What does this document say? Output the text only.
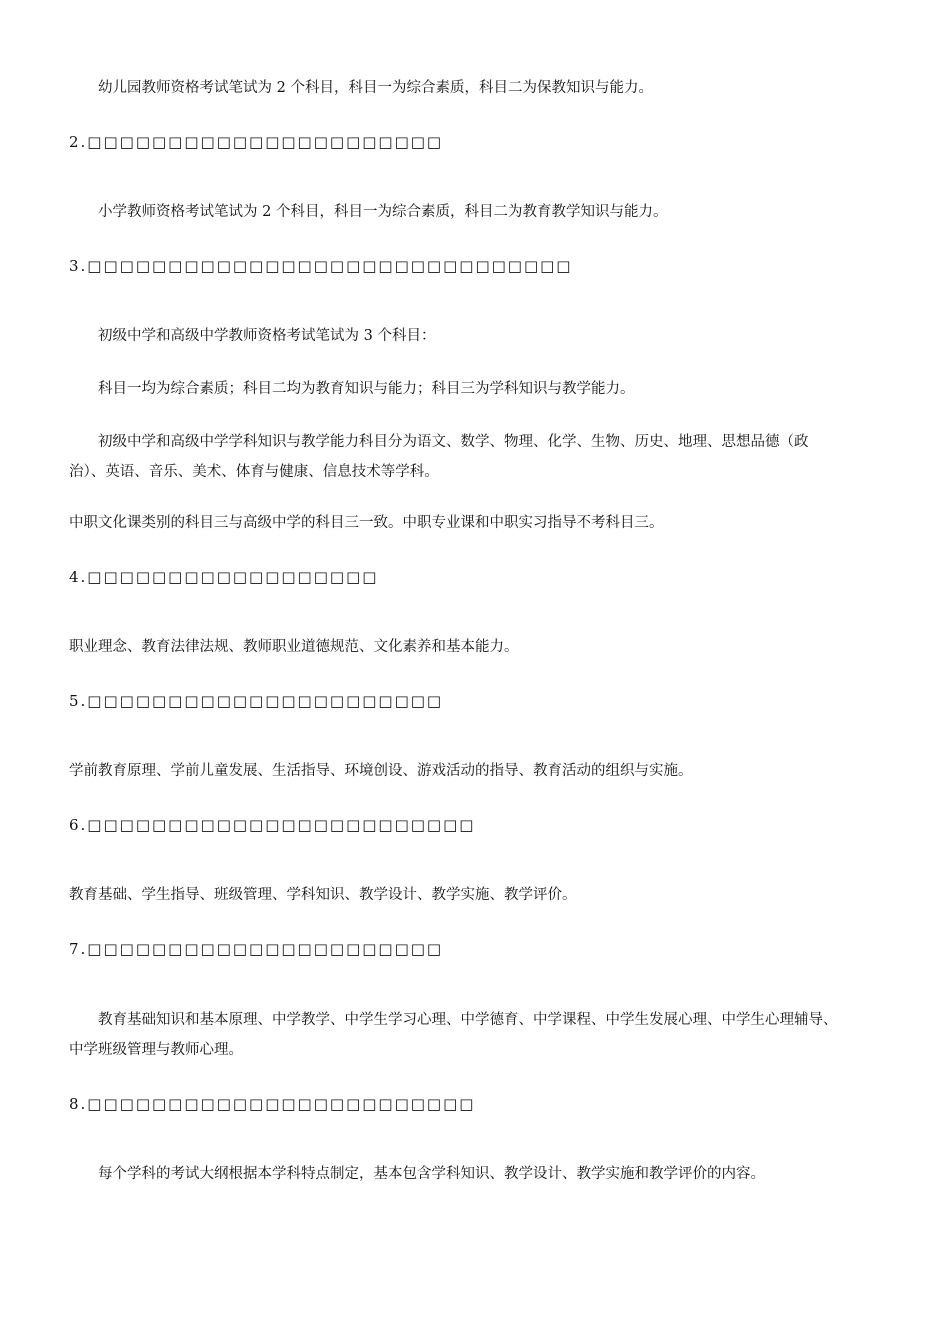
幼儿园教师资格考试笔试为 2 个科目，科目一为综合素质，科目二为保教知识与能力。

2.□□□□□□□□□□□□□□□□□□□□□□

小学教师资格考试笔试为 2 个科目，科目一为综合素质，科目二为教育教学知识与能力。

3.□□□□□□□□□□□□□□□□□□□□□□□□□□□□□□

初级中学和高级中学教师资格考试笔试为 3 个科目：

科目一均为综合素质；科目二均为教育知识与能力；科目三为学科知识与教学能力。

初级中学和高级中学学科知识与教学能力科目分为语文、数学、物理、化学、生物、历史、地理、思想品德（政治）、英语、音乐、美术、体育与健康、信息技术等学科。

中职文化课类别的科目三与高级中学的科目三一致。中职专业课和中职实习指导不考科目三。

4.□□□□□□□□□□□□□□□□□□

职业理念、教育法律法规、教师职业道德规范、文化素养和基本能力。

5.□□□□□□□□□□□□□□□□□□□□□□

学前教育原理、学前儿童发展、生活指导、环境创设、游戏活动的指导、教育活动的组织与实施。

6.□□□□□□□□□□□□□□□□□□□□□□□□

教育基础、学生指导、班级管理、学科知识、教学设计、教学实施、教学评价。

7.□□□□□□□□□□□□□□□□□□□□□□

教育基础知识和基本原理、中学教学、中学生学习心理、中学德育、中学课程、中学生发展心理、中学生心理辅导、中学班级管理与教师心理。

8.□□□□□□□□□□□□□□□□□□□□□□□□

每个学科的考试大纲根据本学科特点制定，基本包含学科知识、教学设计、教学实施和教学评价的内容。
